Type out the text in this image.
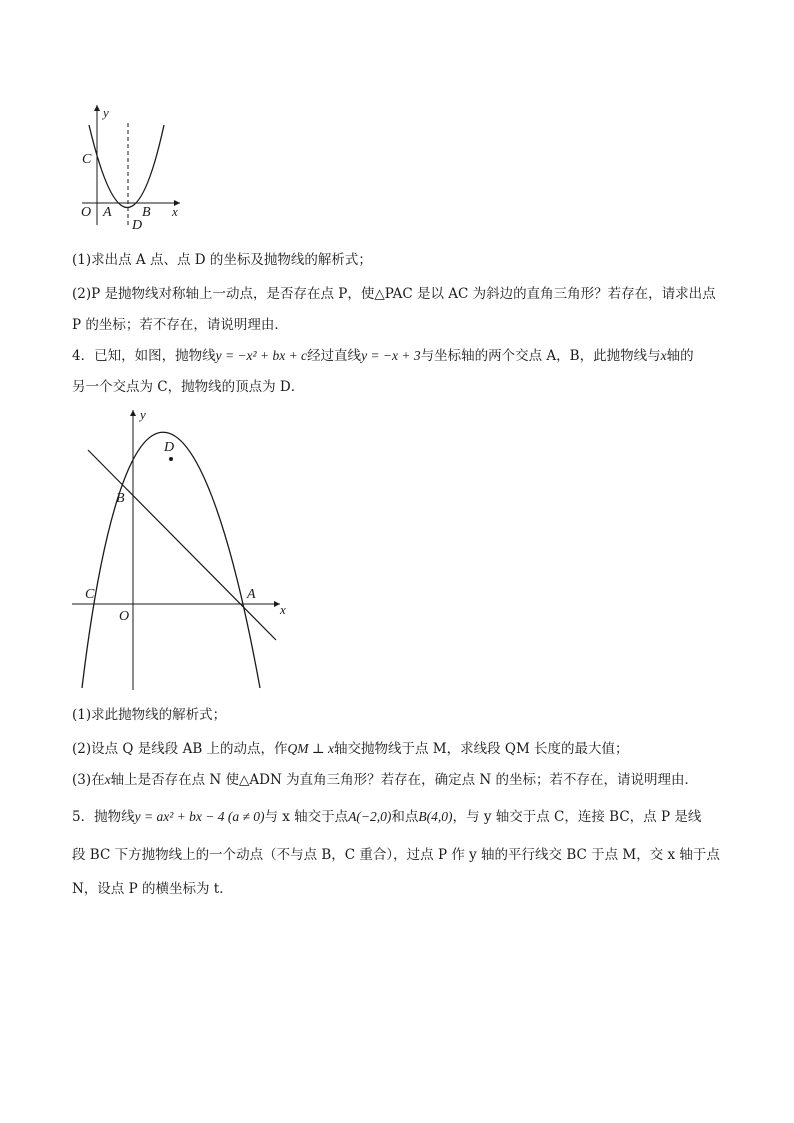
y
C
O A B x
D
(1)求出点 A 点、点 D 的坐标及抛物线的解析式；
(2)P 是抛物线对称轴上一动点，是否存在点 P，使△PAC 是以 AC 为斜边的直角三角形？若存在，请求出点
P 的坐标；若不存在，请说明理由．
4．已知，如图，抛物线y = −x² + bx + c经过直线y = −x + 3与坐标轴的两个交点 A，B，此抛物线与x轴的
另一个交点为 C，抛物线的顶点为 D．
y
D
B
C	A
O	x
(1)求此抛物线的解析式；
(2)设点 Q 是线段 AB 上的动点，作QM ⊥ x轴交抛物线于点 M，求线段 QM 长度的最大值；
(3)在x轴上是否存在点 N 使△ADN 为直角三角形？若存在，确定点 N 的坐标；若不存在，请说明理由．
5．抛物线y = ax² + bx − 4 (a ≠ 0)与 x 轴交于点A(−2,0)和点B(4,0)，与 y 轴交于点 C，连接 BC，点 P 是线
段 BC 下方抛物线上的一个动点（不与点 B，C 重合），过点 P 作 y 轴的平行线交 BC 于点 M，交 x 轴于点
N，设点 P 的横坐标为 t．
